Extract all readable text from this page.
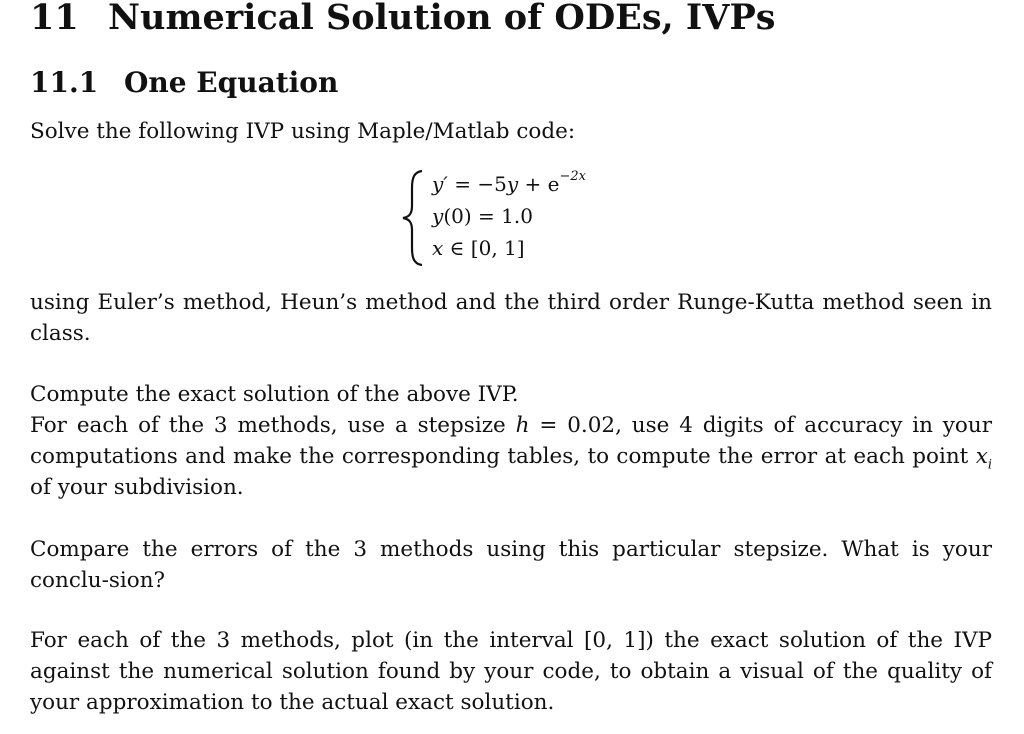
11 Numerical Solution of ODEs, IVPs
11.1 One Equation

Solve the following IVP using Maple/Matlab code:

$y' = -5y + e^{-2x}$
y(0) = 1.0
x ∈ [0, 1]

using Euler’s method, Heun’s method and the third order Runge-Kutta method seen in class.

Compute the exact solution of the above IVP.
For each of the 3 methods, use a stepsize h = 0.02, use 4 digits of accuracy in your computations and make the corresponding tables, to compute the error at each point $x_i$ of your subdivision.

Compare the errors of the 3 methods using this particular stepsize. What is your conclu-sion?

For each of the 3 methods, plot (in the interval [0, 1]) the exact solution of the IVP against the numerical solution found by your code, to obtain a visual of the quality of your approximation to the actual exact solution.
